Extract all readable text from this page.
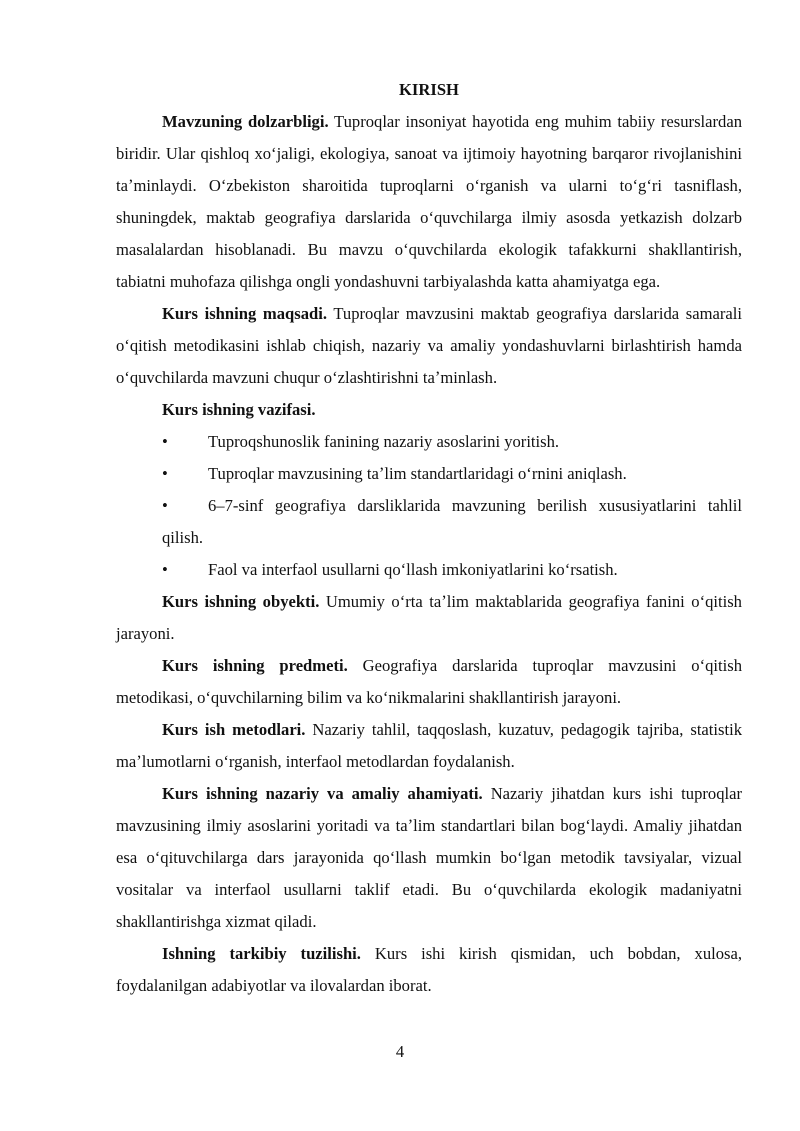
KIRISH

Mavzuning dolzarbligi. Tuproqlar insoniyat hayotida eng muhim tabiiy resurslardan biridir. Ular qishloq xoʻjaligi, ekologiya, sanoat va ijtimoiy hayotning barqaror rivojlanishini taʼminlaydi. Oʻzbekiston sharoitida tuproqlarni oʻrganish va ularni toʻgʻri tasniflash, shuningdek, maktab geografiya darslarida oʻquvchilarga ilmiy asosda yetkazish dolzarb masalalardan hisoblanadi. Bu mavzu oʻquvchilarda ekologik tafakkurni shakllantirish, tabiatni muhofaza qilishga ongli yondashuvni tarbiyalashda katta ahamiyatga ega.

Kurs ishning maqsadi. Tuproqlar mavzusini maktab geografiya darslarida samarali oʻqitish metodikasini ishlab chiqish, nazariy va amaliy yondashuvlarni birlashtirish hamda oʻquvchilarda mavzuni chuqur oʻzlashtirishni taʼminlash.

Kurs ishning vazifasi.

•	Tuproqshunoslik fanining nazariy asoslarini yoritish.
•	Tuproqlar mavzusining taʼlim standartlaridagi oʻrnini aniqlash.
•	6–7-sinf geografiya darsliklarida mavzuning berilish xususiyatlarini tahlil qilish.
•	Faol va interfaol usullarni qoʻllash imkoniyatlarini koʻrsatish.

Kurs ishning obyekti. Umumiy oʻrta taʼlim maktablarida geografiya fanini oʻqitish jarayoni.

Kurs ishning predmeti. Geografiya darslarida tuproqlar mavzusini oʻqitish metodikasi, oʻquvchilarning bilim va koʻnikmalarini shakllantirish jarayoni.

Kurs ish metodlari. Nazariy tahlil, taqqoslash, kuzatuv, pedagogik tajriba, statistik maʼlumotlarni oʻrganish, interfaol metodlardan foydalanish.

Kurs ishning nazariy va amaliy ahamiyati. Nazariy jihatdan kurs ishi tuproqlar mavzusining ilmiy asoslarini yoritadi va taʼlim standartlari bilan bogʻlaydi. Amaliy jihatdan esa oʻqituvchilarga dars jarayonida qoʻllash mumkin boʻlgan metodik tavsiyalar, vizual vositalar va interfaol usullarni taklif etadi. Bu oʻquvchilarda ekologik madaniyatni shakllantirishga xizmat qiladi.

Ishning tarkibiy tuzilishi. Kurs ishi kirish qismidan, uch bobdan, xulosa, foydalanilgan adabiyotlar va ilovalardan iborat.

4
